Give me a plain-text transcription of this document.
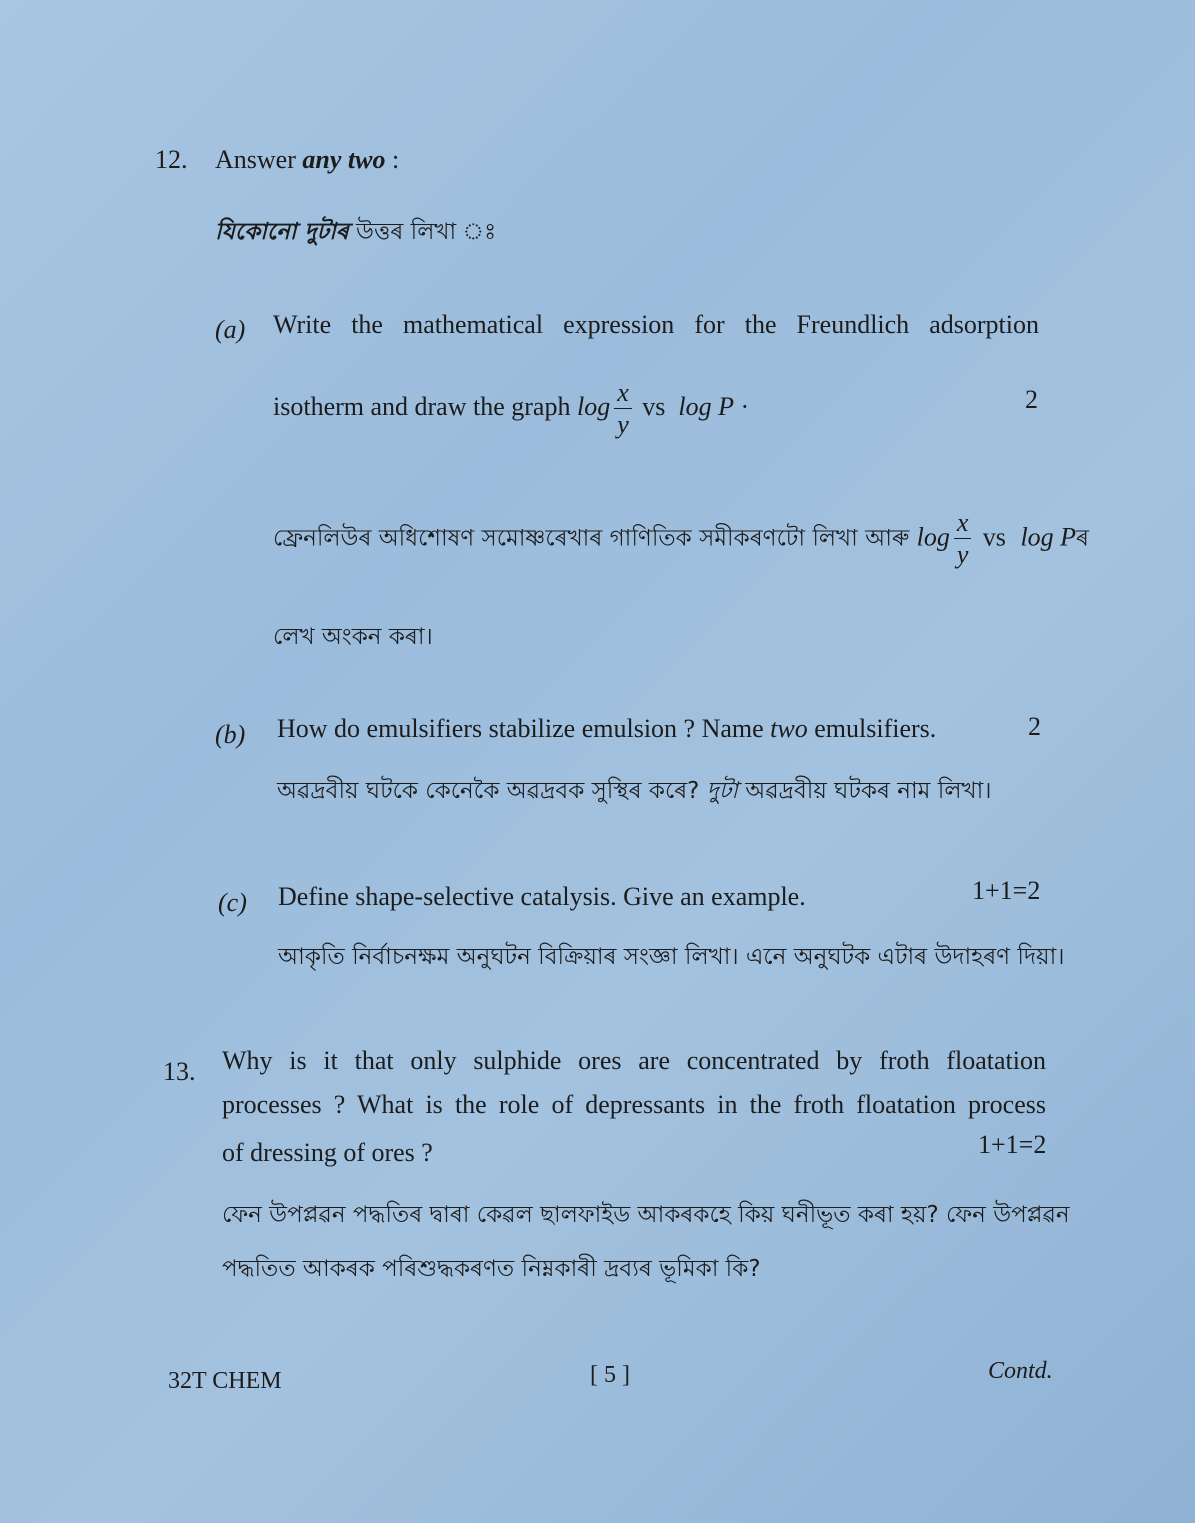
12. Answer any two :
যিকোনো দুটাৰ উত্তৰ লিখা ঃ
(a) Write the mathematical expression for the Freundlich adsorption
isotherm and draw the graph $\log \frac{x}{y}$ vs log P ·	2
ফ্ৰেনলিউৰ অধিশোষণ সমোষ্ণৰেখাৰ গাণিতিক সমীকৰণটো লিখা আৰু $\log \frac{x}{y}$ vs log Pৰ
লেখ অংকন কৰা।
(b) How do emulsifiers stabilize emulsion ? Name two emulsifiers.	2
অৱদ্ৰবীয় ঘটকে কেনেকৈ অৱদ্ৰবক সুস্থিৰ কৰে? দুটা অৱদ্ৰবীয় ঘটকৰ নাম লিখা।
(c) Define shape-selective catalysis. Give an example.	1+1=2
আকৃতি নিৰ্বাচনক্ষম অনুঘটন বিক্ৰিয়াৰ সংজ্ঞা লিখা। এনে অনুঘটক এটাৰ উদাহৰণ দিয়া।
13. Why is it that only sulphide ores are concentrated by froth floatation
processes ? What is the role of depressants in the froth floatation process
of dressing of ores ?	1+1=2
ফেন উপপ্লৱন পদ্ধতিৰ দ্বাৰা কেৱল ছালফাইড আকৰকহে কিয় ঘনীভূত কৰা হয়? ফেন উপপ্লৱন
পদ্ধতিত আকৰক পৰিশুদ্ধকৰণত নিম্নকাৰী দ্ৰব্যৰ ভূমিকা কি?
32T CHEM	[ 5 ]	Contd.
